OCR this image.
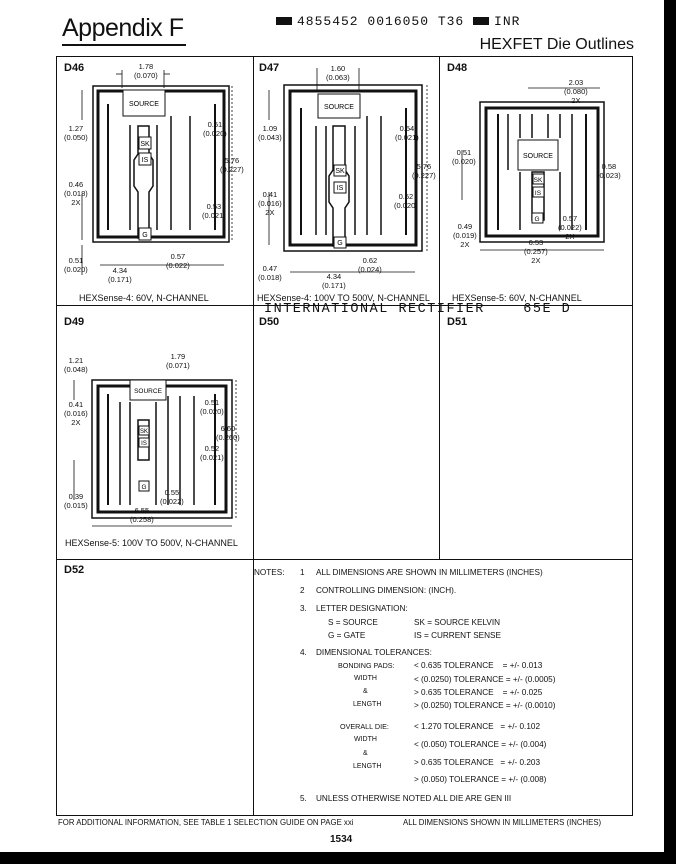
Appendix F	4855452 0016050 T36 INR
HEXFET Die Outlines
D46
SOURCE
SK
IS
G
1.78
(0.070)
1.27
(0.050)
0.51
(0.020)
5.76
(0.227)
0.46
(0.018)
2X	0.53
(0.021)
0.51
(0.020)
0.57
(0.022)
4.34
(0.171)
HEXSense-4: 60V, N-CHANNEL
D47
SOURCE
SK
IS
G
1.60
(0.063)
1.09
(0.043)
0.54
(0.021)
5.76
(0.227)
0.41
(0.016)
2X
0.52
(0.020)
0.62
(0.024)
0.47
(0.018)	4.34
(0.171)
HEXSense-4: 100V TO 500V, N-CHANNEL
D48
SOURCE
SK
IS
G
2.03
(0.080)
2X
0.51
(0.020)
0.58
(0.023)
0.49
(0.019)
2X
0.57
(0.022)
2X
6.53
(0.257)
2X
HEXSense-5: 60V, N-CHANNEL
D49
SOURCE
SK
IS
G
1.21
(0.048)
1.79
(0.071)
0.41
(0.016)
2X
0.51
(0.020)
6.60
(0.260)
0.52
(0.021)
0.39
(0.015)
0.55
(0.022)
6.55
(0.258)
HEXSense-5: 100V TO 500V, N-CHANNEL
D50	D51
D52
INTERNATIONAL RECTIFIER	65E D
NOTES: 1 ALL DIMENSIONS ARE SHOWN IN MILLIMETERS (INCHES)
2 CONTROLLING DIMENSION: (INCH).
3. LETTER DESIGNATION:
S = SOURCE	SK = SOURCE KELVIN
G = GATE	IS = CURRENT SENSE
4. DIMENSIONAL TOLERANCES:
BONDING PADS:
WIDTH
&
LENGTH
< 0.635 TOLERANCE    = +/- 0.013
< (0.0250) TOLERANCE = +/- (0.0005)
> 0.635 TOLERANCE    = +/- 0.025
> (0.0250) TOLERANCE = +/- (0.0010)
OVERALL DIE:
WIDTH
&
LENGTH
< 1.270 TOLERANCE   = +/- 0.102
< (0.050) TOLERANCE = +/- (0.004)
> 0.635 TOLERANCE   = +/- 0.203
> (0.050) TOLERANCE = +/- (0.008)
5. UNLESS OTHERWISE NOTED ALL DIE ARE GEN III
FOR ADDITIONAL INFORMATION, SEE TABLE 1 SELECTION GUIDE ON PAGE xxi	ALL DIMENSIONS SHOWN IN MILLIMETERS (INCHES)
1534
